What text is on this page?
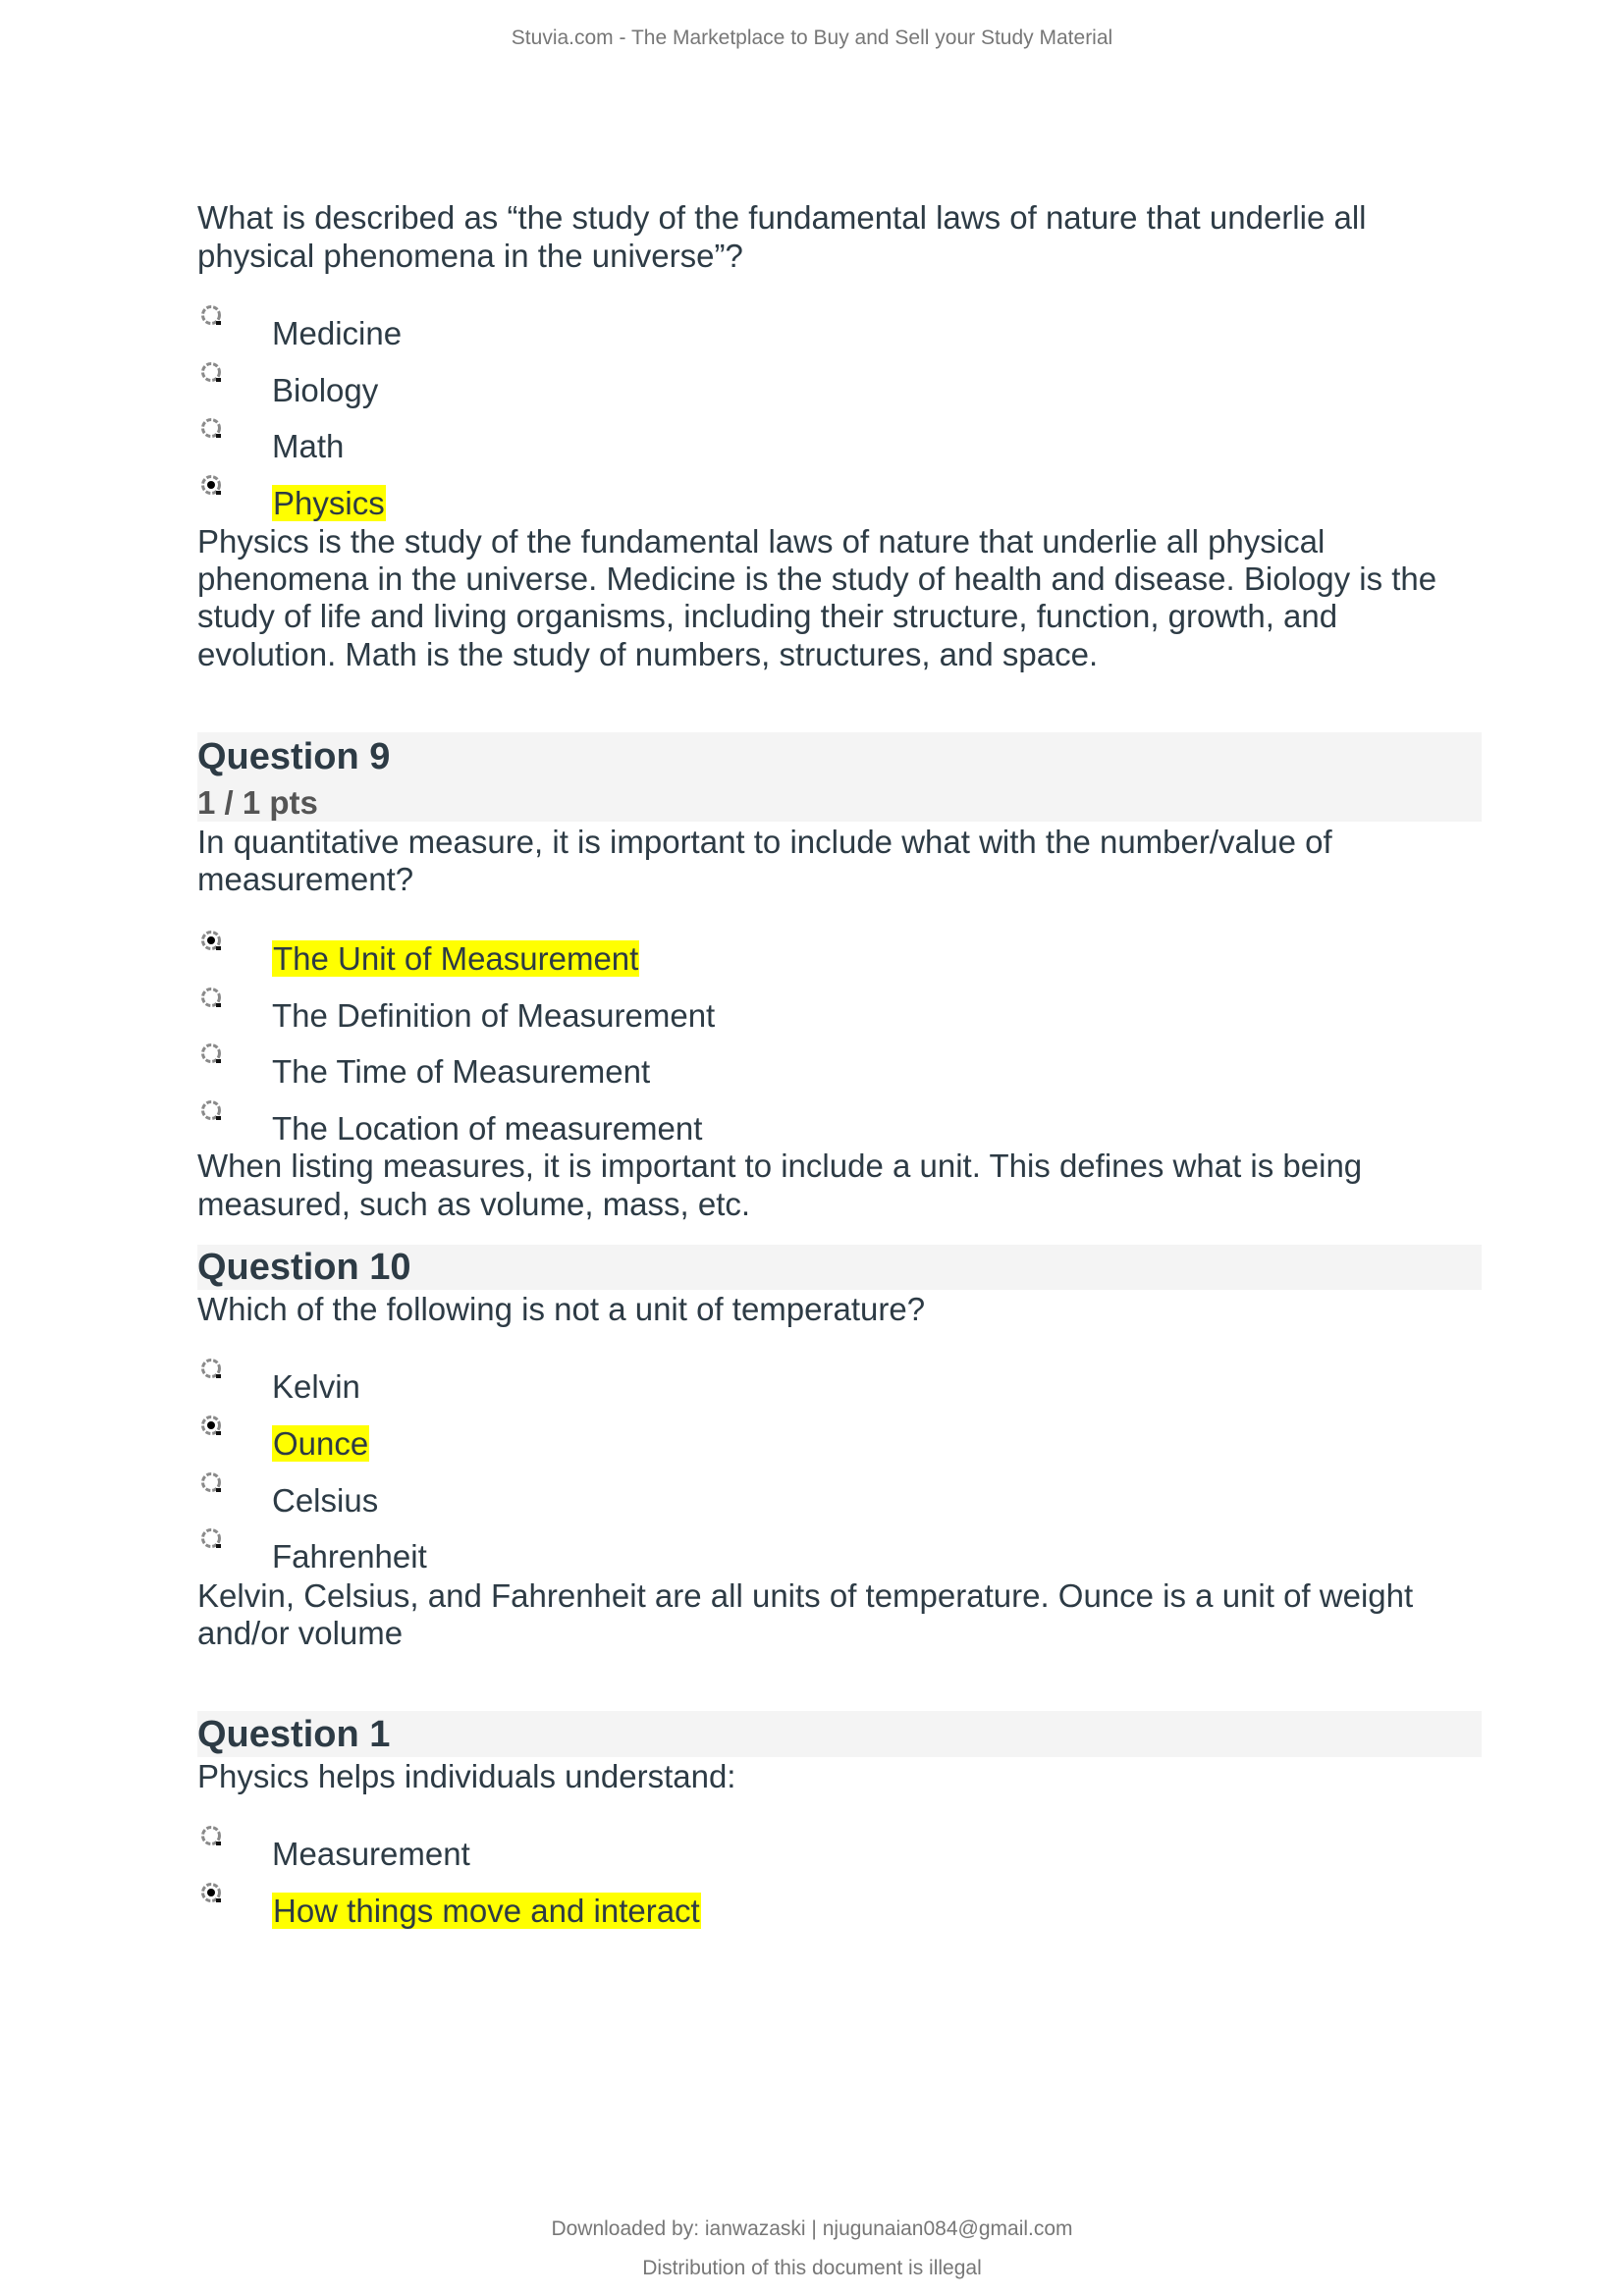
Stuvia.com - The Marketplace to Buy and Sell your Study Material
What is described as “the study of the fundamental laws of nature that underlie all
physical phenomena in the universe”?
Medicine
Biology
Math
Physics
Physics is the study of the fundamental laws of nature that underlie all physical
phenomena in the universe. Medicine is the study of health and disease. Biology is the
study of life and living organisms, including their structure, function, growth, and
evolution. Math is the study of numbers, structures, and space.
Question 9
1 / 1 pts
In quantitative measure, it is important to include what with the number/value of
measurement?
The Unit of Measurement
The Definition of Measurement
The Time of Measurement
The Location of measurement
When listing measures, it is important to include a unit. This defines what is being
measured, such as volume, mass, etc.
Question 10
Which of the following is not a unit of temperature?
Kelvin
Ounce
Celsius
Fahrenheit
Kelvin, Celsius, and Fahrenheit are all units of temperature. Ounce is a unit of weight
and/or volume
Question 1
Physics helps individuals understand:
Measurement
How things move and interact
Downloaded by: ianwazaski | njugunaian084@gmail.com
Distribution of this document is illegal
